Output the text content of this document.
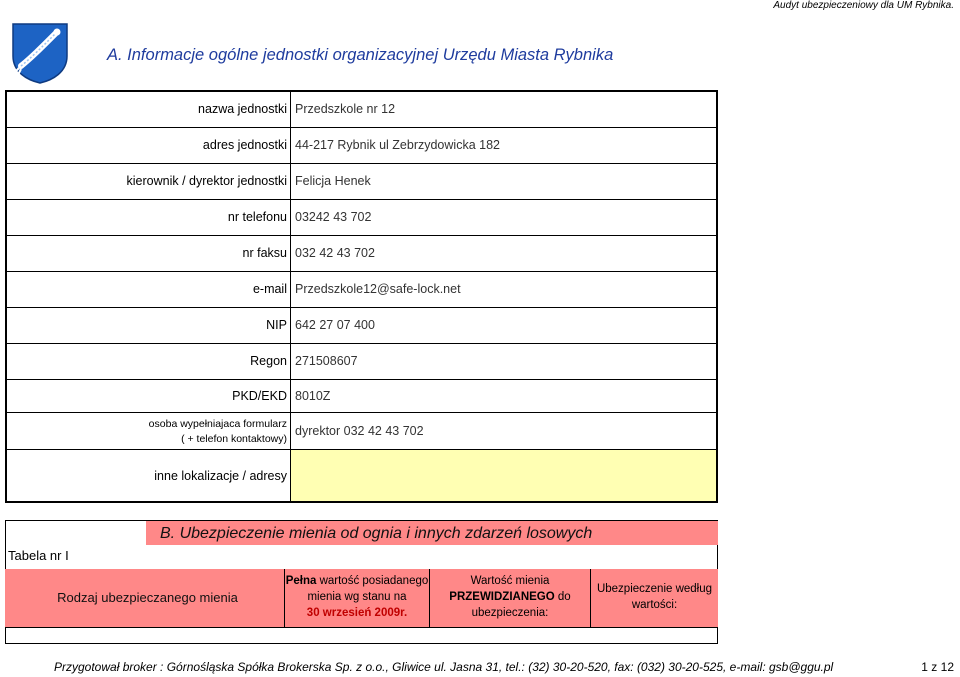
Audyt ubezpieczeniowy dla UM Rybnika.
A. Informacje ogólne jednostki organizacyjnej Urzędu Miasta Rybnika
nazwa jednostki Przedszkole nr 12
adres jednostki 44-217 Rybnik ul Zebrzydowicka 182
kierownik / dyrektor jednostki Felicja Henek
nr telefonu 03242 43 702
nr faksu 032 42 43 702
e-mail Przedszkole12@safe-lock.net
NIP 642 27 07 400
Regon 271508607
PKD/EKD 8010Z
osoba wypełniajaca formularz
( + telefon kontaktowy)
dyrektor 032 42 43 702
inne lokalizacje / adresy
B. Ubezpieczenie mienia od ognia i innych zdarzeń losowych
Tabela nr I
Rodzaj ubezpieczanego mienia
Pełna wartość posiadanego
mienia wg stanu na
30 wrzesień 2009r.
Wartość mienia
PRZEWIDZIANEGO do
ubezpieczenia:
Ubezpieczenie według
wartości:
Przygotował broker : Górnośląska Spółka Brokerska Sp. z o.o., Gliwice ul. Jasna 31, tel.: (32) 30-20-520, fax: (032) 30-20-525, e-mail: gsb@ggu.pl	1 z 12
